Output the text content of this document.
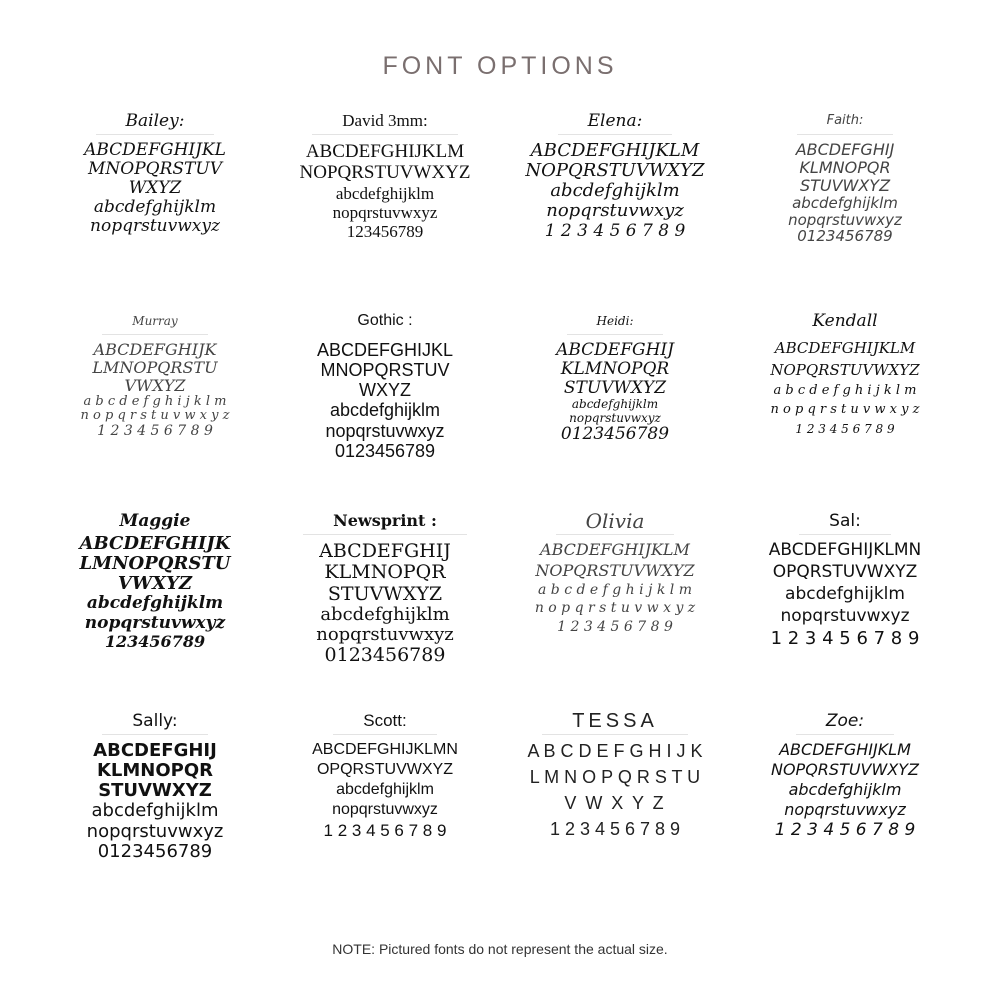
FONT OPTIONS
Bailey:
ABCDEFGHIJKL
MNOPQRSTUV
WXYZ
abcdefghijklm
nopqrstuvwxyz
David 3mm:
ABCDEFGHIJKLM
NOPQRSTUVWXYZ
abcdefghijklm
nopqrstuvwxyz
123456789
Elena:
ABCDEFGHIJKLM
NOPQRSTUVWXYZ
abcdefghijklm
nopqrstuvwxyz
1 2 3 4 5 6 7 8 9
Faith:
ABCDEFGHIJ
KLMNOPQR
STUVWXYZ
abcdefghijklm
nopqrstuvwxyz
0123456789
Murray
ABCDEFGHIJK
LMNOPQRSTU
VWXYZ
a b c d e f g h i j k l m
n o p q r s t u v w x y z
1 2 3 4 5 6 7 8 9
Gothic :
ABCDEFGHIJKL
MNOPQRSTUV
WXYZ
abcdefghijklm
nopqrstuvwxyz
0123456789
Heidi:
ABCDEFGHIJ
KLMNOPQR
STUVWXYZ
abcdefghijklm
nopqrstuvwxyz
0123456789
Kendall
ABCDEFGHIJKLM
NOPQRSTUVWXYZ
a b c d e f g h i j k l m
n o p q r s t u v w x y z
1 2 3 4 5 6 7 8 9
Maggie
ABCDEFGHIJK
LMNOPQRSTU
VWXYZ
abcdefghijklm
nopqrstuvwxyz
123456789
Newsprint :
ABCDEFGHIJ
KLMNOPQR
STUVWXYZ
abcdefghijklm
nopqrstuvwxyz
0123456789
Olivia
ABCDEFGHIJKLM
NOPQRSTUVWXYZ
a b c d e f g h i j k l m
n o p q r s t u v w x y z
1 2 3 4 5 6 7 8 9
Sal:
ABCDEFGHIJKLMN
OPQRSTUVWXYZ
abcdefghijklm
nopqrstuvwxyz
1 2 3 4 5 6 7 8 9
Sally:
ABCDEFGHIJ
KLMNOPQR
STUVWXYZ
abcdefghijklm
nopqrstuvwxyz
0123456789
Scott:
ABCDEFGHIJKLMN
OPQRSTUVWXYZ
abcdefghijklm
nopqrstuvwxyz
1 2 3 4 5 6 7 8 9
TESSA
A B C D E F G H I J K
L M N O P Q R S T U
V W X Y Z
1 2 3 4 5 6 7 8 9
Zoe:
ABCDEFGHIJKLM
NOPQRSTUVWXYZ
abcdefghijklm
nopqrstuvwxyz
1 2 3 4 5 6 7 8 9
NOTE: Pictured fonts do not represent the actual size.
